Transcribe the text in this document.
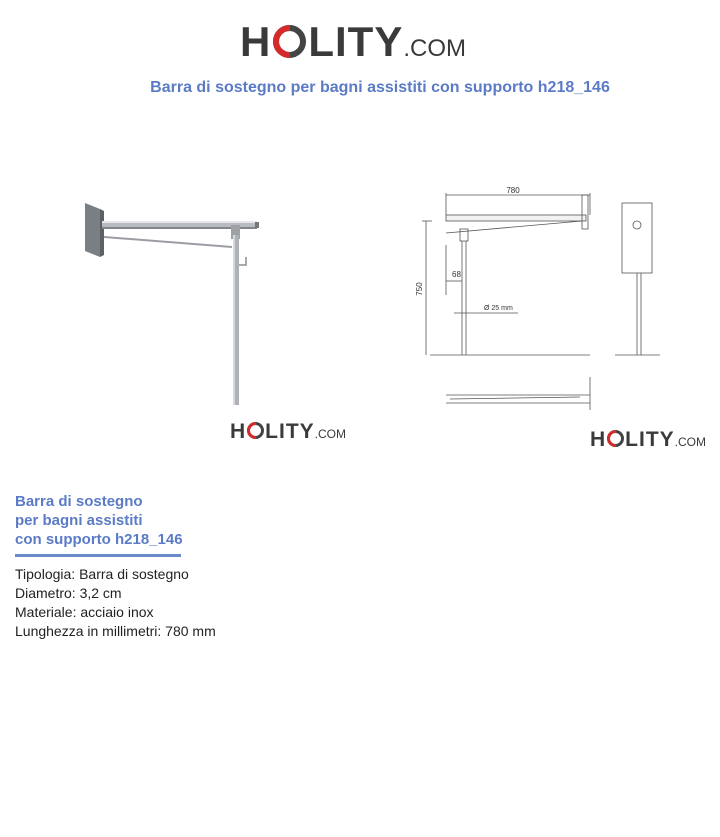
H LITY .COM
Barra di sostegno per bagni assistiti con supporto h218_146
H LITY .COM
780
750
68
Ø 25 mm
H LITY .COM
Barra di sostegno
per bagni assistiti
con supporto h218_146
Tipologia: Barra di sostegno
Diametro: 3,2 cm
Materiale: acciaio inox
Lunghezza in millimetri: 780 mm
